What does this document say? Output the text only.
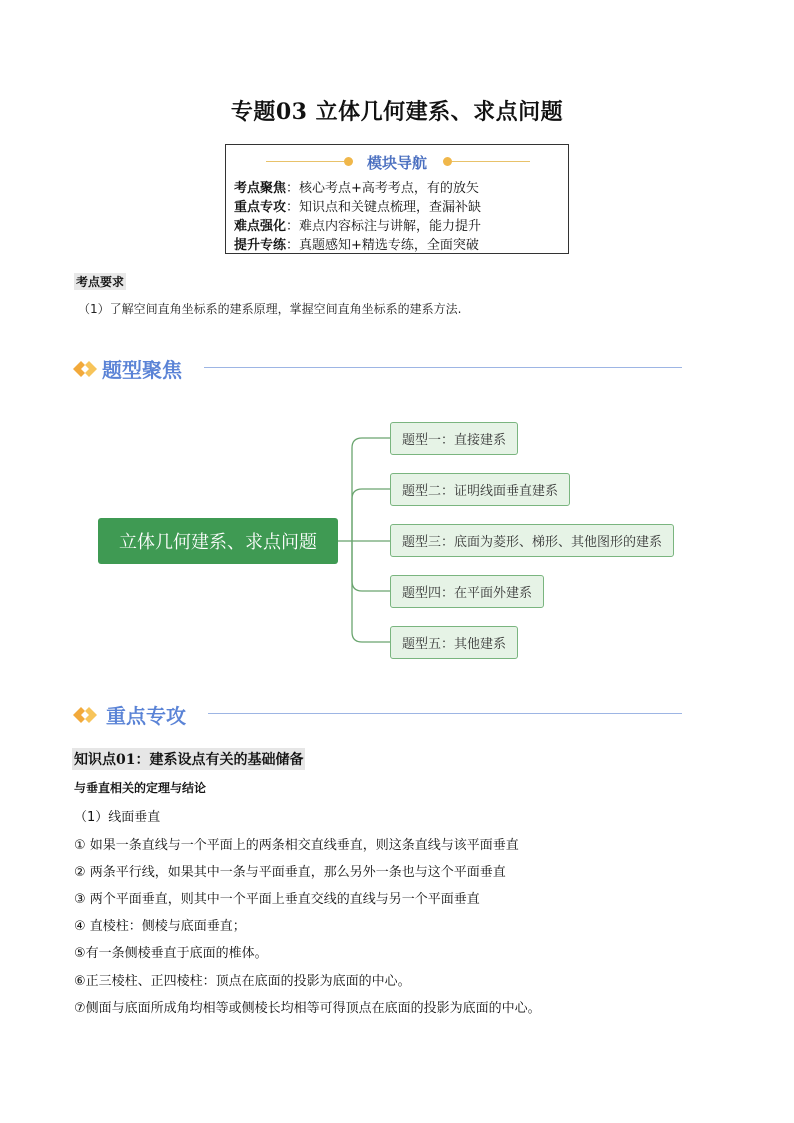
专题03 立体几何建系、求点问题
模块导航
考点聚焦：核心考点+高考考点，有的放矢
重点专攻：知识点和关键点梳理，查漏补缺
难点强化：难点内容标注与讲解，能力提升
提升专练：真题感知+精选专练，全面突破
考点要求
（1）了解空间直角坐标系的建系原理，掌握空间直角坐标系的建系方法.
题型聚焦
立体几何建系、求点问题
题型一：直接建系
题型二：证明线面垂直建系
题型三：底面为菱形、梯形、其他图形的建系
题型四：在平面外建系
题型五：其他建系
重点专攻
知识点01：建系设点有关的基础储备
与垂直相关的定理与结论
（1）线面垂直
① 如果一条直线与一个平面上的两条相交直线垂直，则这条直线与该平面垂直
② 两条平行线，如果其中一条与平面垂直，那么另外一条也与这个平面垂直
③ 两个平面垂直，则其中一个平面上垂直交线的直线与另一个平面垂直
④ 直棱柱：侧棱与底面垂直；
⑤有一条侧棱垂直于底面的椎体。
⑥正三棱柱、正四棱柱：顶点在底面的投影为底面的中心。
⑦侧面与底面所成角均相等或侧棱长均相等可得顶点在底面的投影为底面的中心。
